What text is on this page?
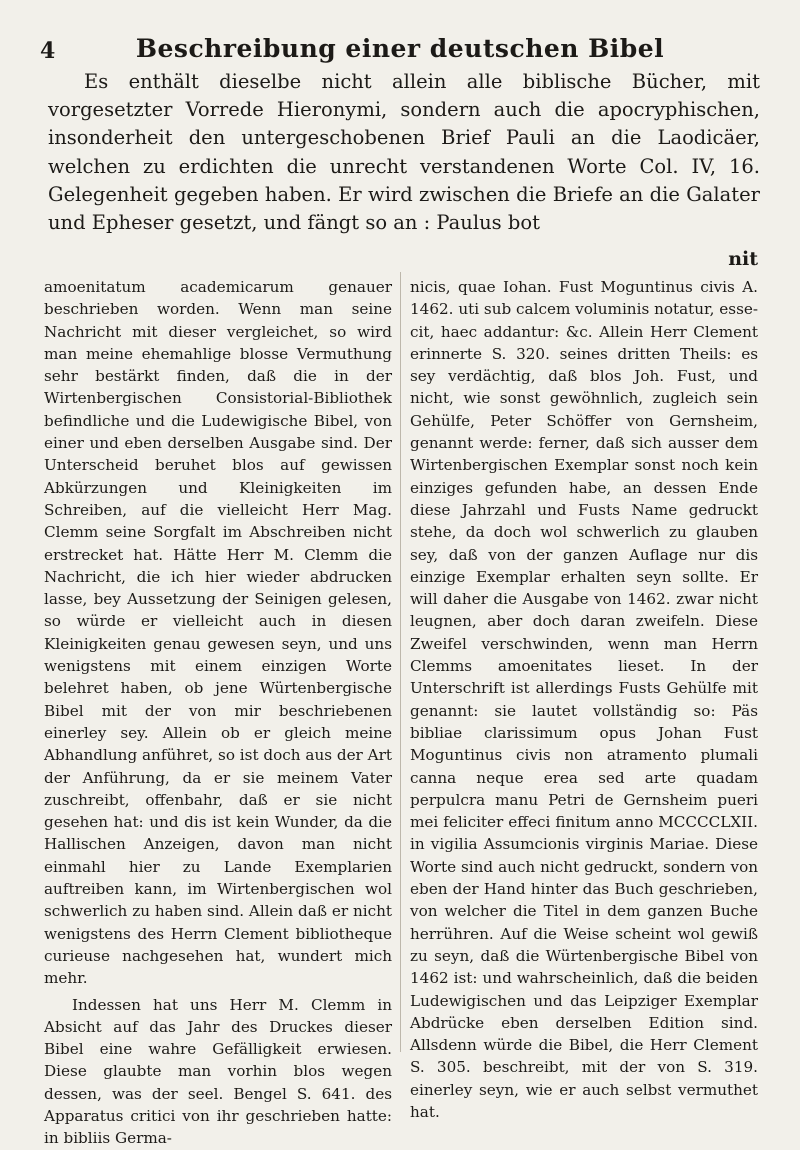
4	Beschreibung einer deutschen Bibel

Es enthält dieselbe nicht allein alle biblische Bücher, mit vorgesetzter Vorrede Hieronymi, sondern auch die apocryphischen, insonderheit den untergeschobenen Brief Pauli an die Laodicäer, welchen zu erdichten die unrecht verstandenen Worte Col. IV, 16. Gelegenheit gegeben haben. Er wird zwischen die Briefe an die Galater und Epheser gesetzt, und fängt so an : Paulus bot

nit

amoenitatum academicarum genauer beschrieben worden. Wenn man seine Nachricht mit dieser vergleichet, so wird man meine ehemahlige blosse Vermuthung sehr bestärkt finden, daß die in der Wirtenbergischen Consistorial-Bibliothek befindliche und die Ludewigische Bibel, von einer und eben derselben Ausgabe sind. Der Unterscheid beruhet blos auf gewissen Abkürzungen und Kleinigkeiten im Schreiben, auf die vielleicht Herr Mag. Clemm seine Sorgfalt im Abschreiben nicht erstrecket hat. Hätte Herr M. Clemm die Nachricht, die ich hier wieder abdrucken lasse, bey Aussetzung der Seinigen gelesen, so würde er vielleicht auch in diesen Kleinigkeiten genau gewesen seyn, und uns wenigstens mit einem einzigen Worte belehret haben, ob jene Würtenbergische Bibel mit der von mir beschriebenen einerley sey. Allein ob er gleich meine Abhandlung anführet, so ist doch aus der Art der Anführung, da er sie meinem Vater zuschreibt, offenbahr, daß er sie nicht gesehen hat: und dis ist kein Wunder, da die Hallischen Anzeigen, davon man nicht einmahl hier zu Lande Exemplarien auftreiben kann, im Wirtenbergischen wol schwerlich zu haben sind. Allein daß er nicht wenigstens des Herrn Clement bibliotheque curieuse nachgesehen hat, wundert mich mehr.

Indessen hat uns Herr M. Clemm in Absicht auf das Jahr des Druckes dieser Bibel eine wahre Gefälligkeit erwiesen. Diese glaubte man vorhin blos wegen dessen, was der seel. Bengel S. 641. des Apparatus critici von ihr geschrieben hatte: in bibliis Germa-

nicis, quae Iohan. Fust Moguntinus civis A. 1462. uti sub calcem voluminis notatur, esse-cit, haec addantur: &c. Allein Herr Clement erinnerte S. 320. seines dritten Theils: es sey verdächtig, daß blos Joh. Fust, und nicht, wie sonst gewöhnlich, zugleich sein Gehülfe, Peter Schöffer von Gernsheim, genannt werde: ferner, daß sich ausser dem Wirtenbergischen Exemplar sonst noch kein einziges gefunden habe, an dessen Ende diese Jahrzahl und Fusts Name gedruckt stehe, da doch wol schwerlich zu glauben sey, daß von der ganzen Auflage nur dis einzige Exemplar erhalten seyn sollte. Er will daher die Ausgabe von 1462. zwar nicht leugnen, aber doch daran zweifeln. Diese Zweifel verschwinden, wenn man Herrn Clemms amoenitates lieset. In der Unterschrift ist allerdings Fusts Gehülfe mit genannt: sie lautet vollständig so: Päs bibliae clarissimum opus Johan Fust Moguntinus civis non atramento plumali canna neque erea sed arte quadam perpulcra manu Petri de Gernsheim pueri mei feliciter effeci finitum anno MCCCCLXII. in vigilia Assumcionis virginis Mariae. Diese Worte sind auch nicht gedruckt, sondern von eben der Hand hinter das Buch geschrieben, von welcher die Titel in dem ganzen Buche herrühren. Auf die Weise scheint wol gewiß zu seyn, daß die Würtenbergische Bibel von 1462 ist: und wahrscheinlich, daß die beiden Ludewigischen und das Leipziger Exemplar Abdrücke eben derselben Edition sind. Allsdenn würde die Bibel, die Herr Clement S. 305. beschreibt, mit der von S. 319. einerley seyn, wie er auch selbst vermuthet hat.
